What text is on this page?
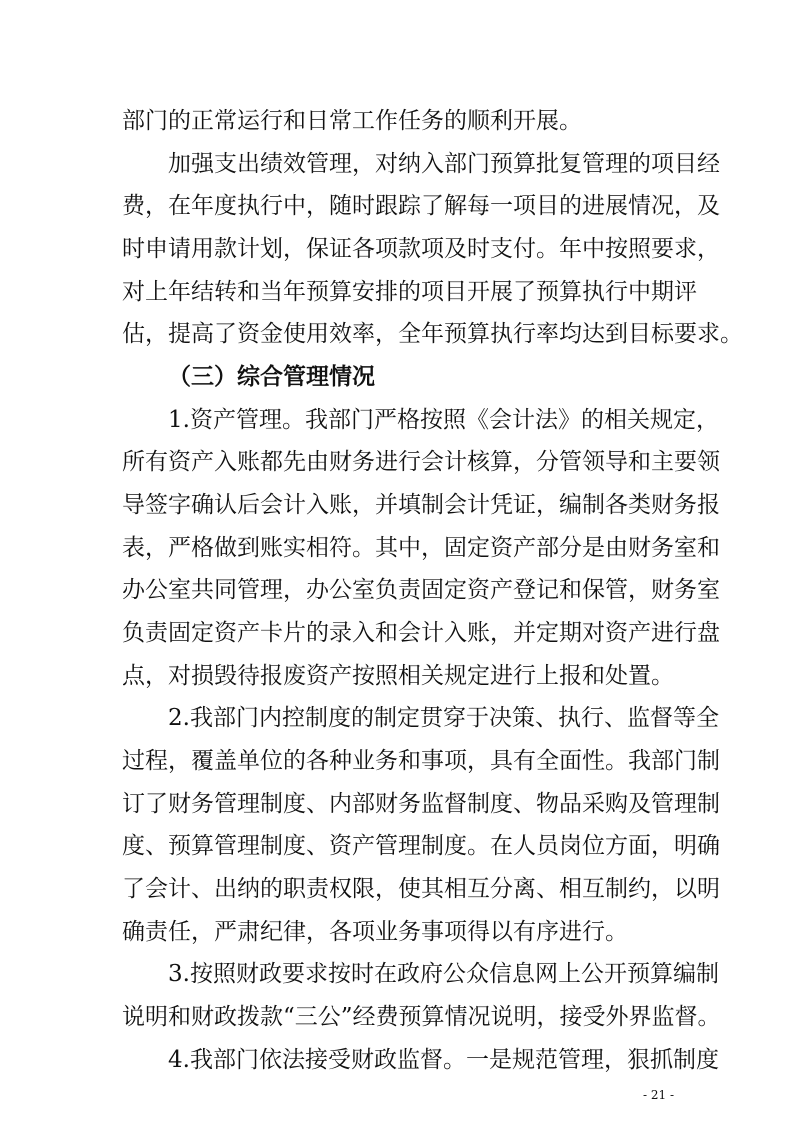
部门的正常运行和日常工作任务的顺利开展。
加强支出绩效管理，对纳入部门预算批复管理的项目经
费，在年度执行中，随时跟踪了解每一项目的进展情况，及
时申请用款计划，保证各项款项及时支付。年中按照要求，
对上年结转和当年预算安排的项目开展了预算执行中期评
估，提高了资金使用效率，全年预算执行率均达到目标要求。
（三）综合管理情况
1.资产管理。我部门严格按照《会计法》的相关规定，
所有资产入账都先由财务进行会计核算，分管领导和主要领
导签字确认后会计入账，并填制会计凭证，编制各类财务报
表，严格做到账实相符。其中，固定资产部分是由财务室和
办公室共同管理，办公室负责固定资产登记和保管，财务室
负责固定资产卡片的录入和会计入账，并定期对资产进行盘
点，对损毁待报废资产按照相关规定进行上报和处置。
2.我部门内控制度的制定贯穿于决策、执行、监督等全
过程，覆盖单位的各种业务和事项，具有全面性。我部门制
订了财务管理制度、内部财务监督制度、物品采购及管理制
度、预算管理制度、资产管理制度。在人员岗位方面，明确
了会计、出纳的职责权限，使其相互分离、相互制约，以明
确责任，严肃纪律，各项业务事项得以有序进行。
3.按照财政要求按时在政府公众信息网上公开预算编制
说明和财政拨款“三公”经费预算情况说明，接受外界监督。
4.我部门依法接受财政监督。一是规范管理，狠抓制度
- 21 -
